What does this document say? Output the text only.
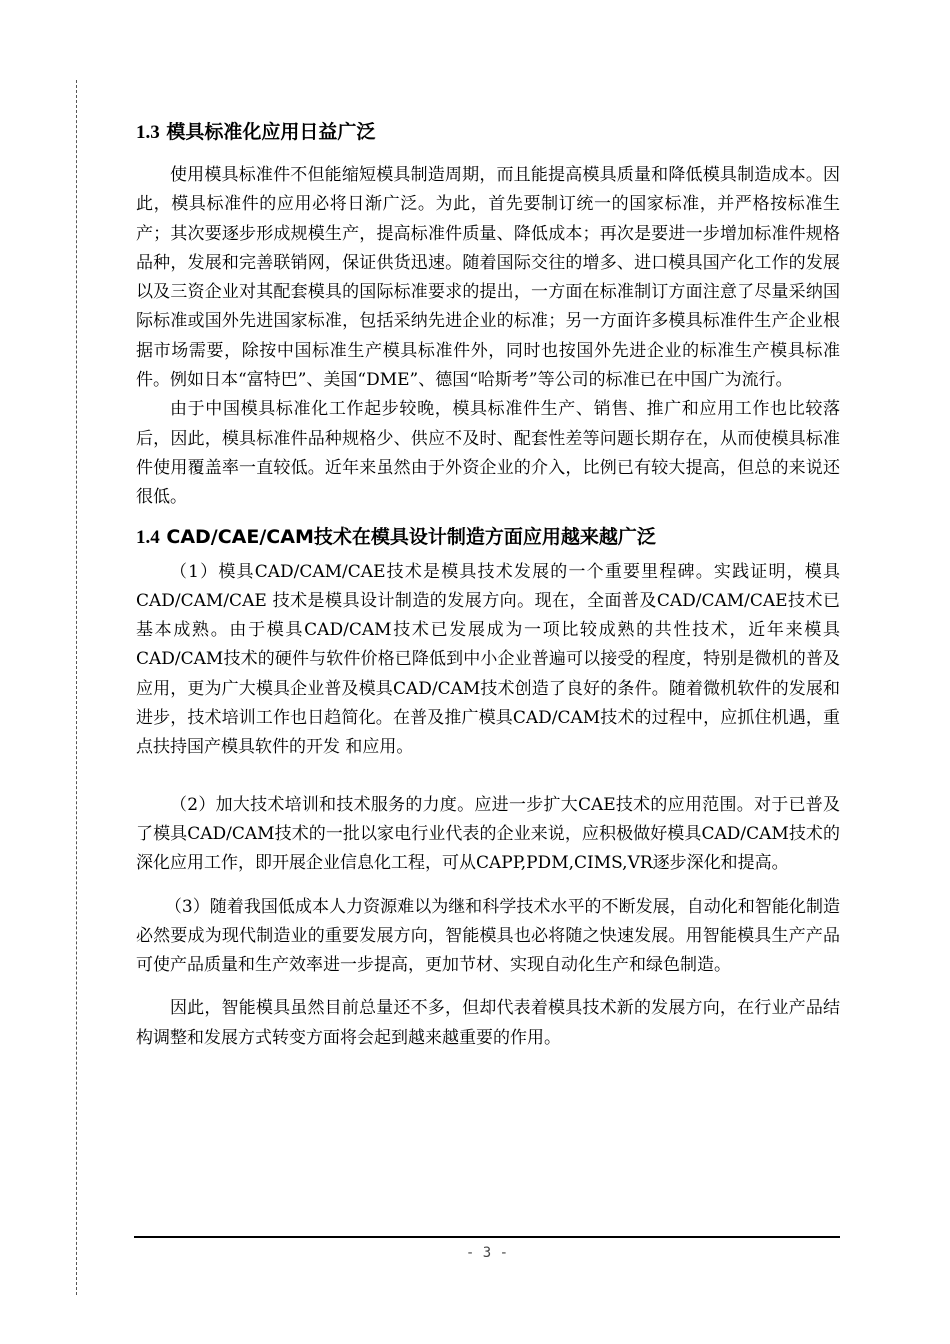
1.3 模具标准化应用日益广泛

使用模具标准件不但能缩短模具制造周期，而且能提高模具质量和降低模具制造成本。因此，模具标准件的应用必将日渐广泛。为此，首先要制订统一的国家标准，并严格按标准生产；其次要逐步形成规模生产，提高标准件质量、降低成本；再次是要进一步增加标准件规格品种，发展和完善联销网，保证供货迅速。随着国际交往的增多、进口模具国产化工作的发展以及三资企业对其配套模具的国际标准要求的提出，一方面在标准制订方面注意了尽量采纳国际标准或国外先进国家标准，包括采纳先进企业的标准；另一方面许多模具标准件生产企业根据市场需要，除按中国标准生产模具标准件外，同时也按国外先进企业的标准生产模具标准件。例如日本“富特巴”、美国“DME”、德国“哈斯考”等公司的标准已在中国广为流行。

由于中国模具标准化工作起步较晚，模具标准件生产、销售、推广和应用工作也比较落后，因此，模具标准件品种规格少、供应不及时、配套性差等问题长期存在，从而使模具标准件使用覆盖率一直较低。近年来虽然由于外资企业的介入，比例已有较大提高，但总的来说还很低。

1.4 CAD/CAE/CAM技术在模具设计制造方面应用越来越广泛

（1）模具CAD/CAM/CAE技术是模具技术发展的一个重要里程碑。实践证明，模具CAD/CAM/CAE 技术是模具设计制造的发展方向。现在，全面普及CAD/CAM/CAE技术已基本成熟。由于模具CAD/CAM技术已发展成为一项比较成熟的共性技术，近年来模具CAD/CAM技术的硬件与软件价格已降低到中小企业普遍可以接受的程度，特别是微机的普及应用，更为广大模具企业普及模具CAD/CAM技术创造了良好的条件。随着微机软件的发展和进步，技术培训工作也日趋简化。在普及推广模具CAD/CAM技术的过程中，应抓住机遇，重点扶持国产模具软件的开发 和应用。

（2）加大技术培训和技术服务的力度。应进一步扩大CAE技术的应用范围。对于已普及了模具CAD/CAM技术的一批以家电行业代表的企业来说，应积极做好模具CAD/CAM技术的深化应用工作，即开展企业信息化工程，可从CAPP,PDM,CIMS,VR逐步深化和提高。

（3）随着我国低成本人力资源难以为继和科学技术水平的不断发展，自动化和智能化制造必然要成为现代制造业的重要发展方向，智能模具也必将随之快速发展。用智能模具生产产品可使产品质量和生产效率进一步提高，更加节材、实现自动化生产和绿色制造。

因此，智能模具虽然目前总量还不多，但却代表着模具技术新的发展方向，在行业产品结构调整和发展方式转变方面将会起到越来越重要的作用。

- 3 -
